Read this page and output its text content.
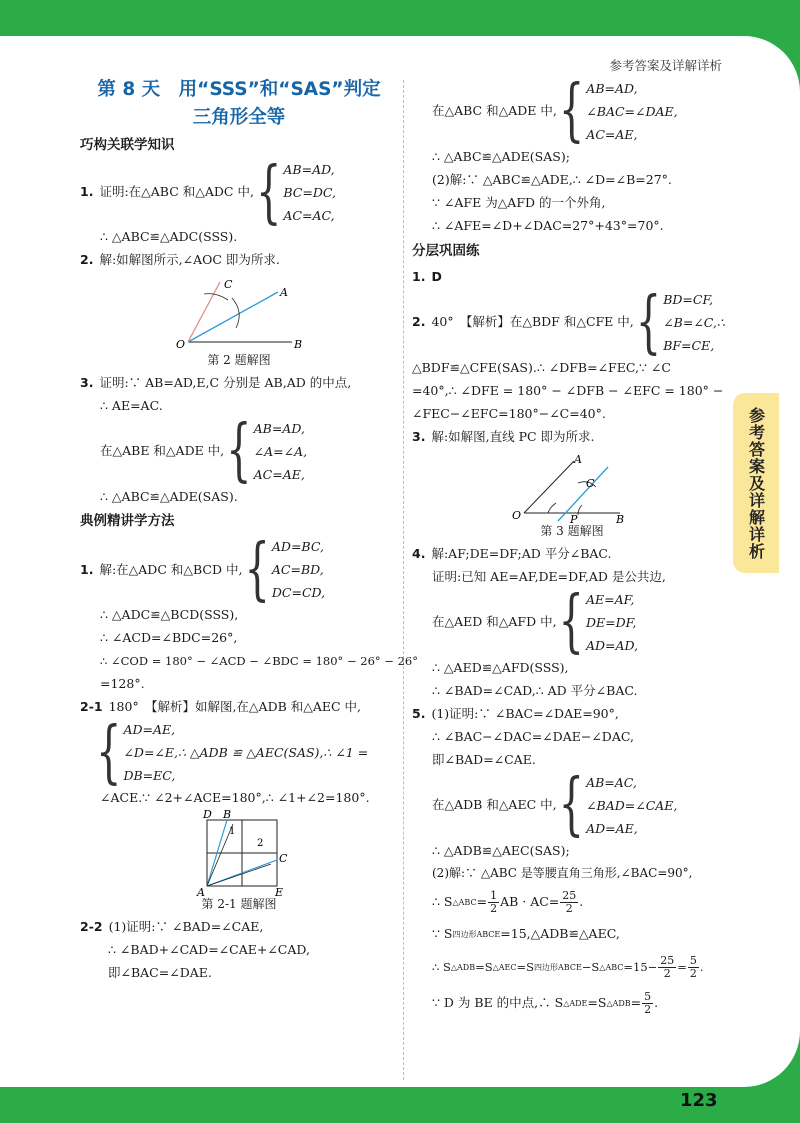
参考答案及详解详析
第 8 天　用“SSS”和“SAS”判定
三角形全等
巧构关联学知识
1. 证明:在△ABC 和△ADC 中, { AB=AD,
BC=DC,
AC=AC,
∴ △ABC≌△ADC(SSS).
2. 解:如解图所示,∠AOC 即为所求.
C
A
O	B
第 2 题解图
3. 证明:∵ AB=AD,E,C 分别是 AB,AD 的中点,
∴ AE=AC.
在△ABE 和△ADE 中, { AB=AD,
∠A=∠A,
AC=AE,
∴ △ABC≌△ADE(SAS).
典例精讲学方法
1. 解:在△ADC 和△BCD 中, { AD=BC,
AC=BD,
DC=CD,
∴ △ADC≌△BCD(SSS),
∴ ∠ACD=∠BDC=26°,
∴ ∠COD = 180° − ∠ACD − ∠BDC = 180° − 26° − 26°
=128°.
2-1 180°　【解析】如解图,在△ADB 和△AEC 中,
{ AD=AE,
∠D=∠E,∴ △ADB ≌ △AEC(SAS),∴ ∠1 =
DB=EC,
∠ACE.∵ ∠2+∠ACE=180°,∴ ∠1+∠2=180°.
D B
1
2
C
A	E
第 2-1 题解图
2-2 (1)证明:∵ ∠BAD=∠CAE,
∴ ∠BAD+∠CAD=∠CAE+∠CAD,
即∠BAC=∠DAE.
在△ABC 和△ADE 中, { AB=AD,
∠BAC=∠DAE,
AC=AE,
∴ △ABC≌△ADE(SAS);
(2)解:∵ △ABC≌△ADE,∴ ∠D=∠B=27°.
∵ ∠AFE 为△AFD 的一个外角,
∴ ∠AFE=∠D+∠DAC=27°+43°=70°.
分层巩固练
1. D
2. 40°　【解析】在△BDF 和△CFE 中, { BD=CF,
∠B=∠C,∴
BF=CE,
△BDF≌△CFE(SAS).∴ ∠DFB=∠FEC,∵ ∠C
=40°,∴ ∠DFE = 180° − ∠DFB − ∠EFC = 180° −
∠FEC−∠EFC=180°−∠C=40°.
3. 解:如解图,直线 PC 即为所求.
A
C
O	P	B
第 3 题解图
4. 解:AF;DE=DF;AD 平分∠BAC.
证明:已知 AE=AF,DE=DF,AD 是公共边,
在△AED 和△AFD 中, { AE=AF,
DE=DF,
AD=AD,
∴ △AED≌△AFD(SSS),
∴ ∠BAD=∠CAD,∴ AD 平分∠BAC.
5. (1)证明:∵ ∠BAC=∠DAE=90°,
∴ ∠BAC−∠DAC=∠DAE−∠DAC,
即∠BAD=∠CAE.
在△ADB 和△AEC 中, { AB=AC,
∠BAD=∠CAE,
AD=AE,
∴ △ADB≌△AEC(SAS);
(2)解:∵ △ABC 是等腰直角三角形,∠BAC=90°,
∴ S △ABC = $\frac{1}{2}$ AB · $AC= \frac{25}{2}$ .
∵ S 四边形ABCE =15,△ADB≌△AEC,
∴ S △ADB =S △AEC =S 四边形ABCE −S △ABC $=15- \frac{25}{2} = \frac{5}{2}$ .
∵ D 为 BE 的中点,∴ S △ADE =S △ADB = $\frac{5}{2}$ .
123
参考答案及详解详析
